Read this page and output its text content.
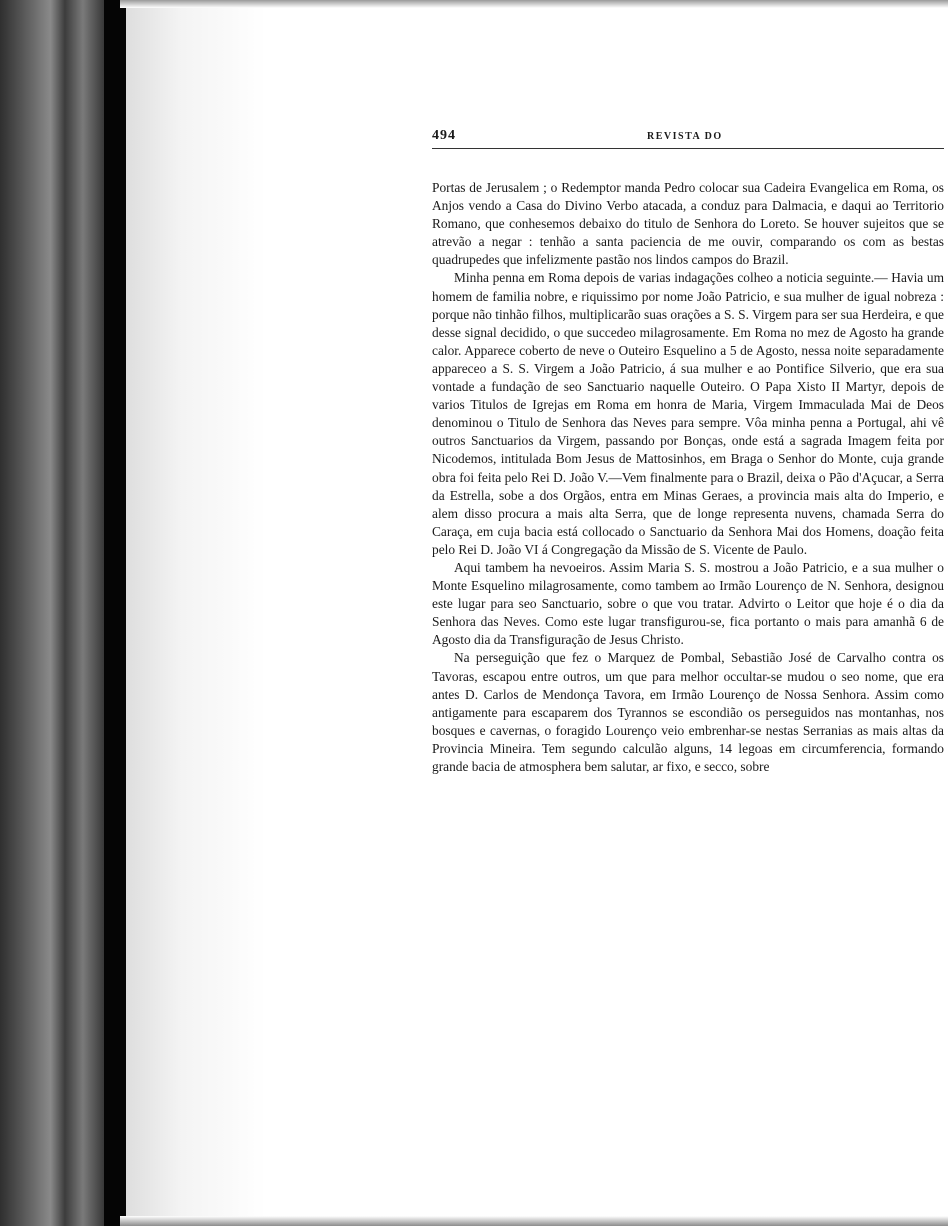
494	REVISTA DO

Portas de Jerusalem ; o Redemptor manda Pedro colocar sua Cadeira Evangelica em Roma, os Anjos vendo a Casa do Divino Verbo atacada, a conduz para Dalmacia, e daqui ao Territorio Romano, que conhesemos debaixo do titulo de Senhora do Loreto. Se houver sujeitos que se atrevão a negar : tenhão a santa paciencia de me ouvir, comparando os com as bestas quadrupedes que infelizmente pastão nos lindos campos do Brazil.

Minha penna em Roma depois de varias indagações colheo a noticia seguinte.— Havia um homem de familia nobre, e riquissimo por nome João Patricio, e sua mulher de igual nobreza : porque não tinhão filhos, multiplicarão suas orações a S. S. Virgem para ser sua Herdeira, e que desse signal decidido, o que succedeo milagrosamente. Em Roma no mez de Agosto ha grande calor. Apparece coberto de neve o Outeiro Esquelino a 5 de Agosto, nessa noite separadamente appareceo a S. S. Virgem a João Patricio, á sua mulher e ao Pontifice Silverio, que era sua vontade a fundação de seo Sanctuario naquelle Outeiro. O Papa Xisto II Martyr, depois de varios Titulos de Igrejas em Roma em honra de Maria, Virgem Immaculada Mai de Deos denominou o Titulo de Senhora das Neves para sempre. Vôa minha penna a Portugal, ahi vê outros Sanctuarios da Virgem, passando por Bonças, onde está a sagrada Imagem feita por Nicodemos, intitulada Bom Jesus de Mattosinhos, em Braga o Senhor do Monte, cuja grande obra foi feita pelo Rei D. João V.—Vem finalmente para o Brazil, deixa o Pão d'Açucar, a Serra da Estrella, sobe a dos Orgãos, entra em Minas Geraes, a provincia mais alta do Imperio, e alem disso procura a mais alta Serra, que de longe representa nuvens, chamada Serra do Caraça, em cuja bacia está collocado o Sanctuario da Senhora Mai dos Homens, doação feita pelo Rei D. João VI á Congregação da Missão de S. Vicente de Paulo.

Aqui tambem ha nevoeiros. Assim Maria S. S. mostrou a João Patricio, e a sua mulher o Monte Esquelino milagrosamente, como tambem ao Irmão Lourenço de N. Senhora, designou este lugar para seo Sanctuario, sobre o que vou tratar. Advirto o Leitor que hoje é o dia da Senhora das Neves. Como este lugar transfigurou-se, fica portanto o mais para amanhã 6 de Agosto dia da Transfiguração de Jesus Christo.

Na perseguição que fez o Marquez de Pombal, Sebastião José de Carvalho contra os Tavoras, escapou entre outros, um que para melhor occultar-se mudou o seo nome, que era antes D. Carlos de Mendonça Tavora, em Irmão Lourenço de Nossa Senhora. Assim como antigamente para escaparem dos Tyrannos se escondião os perseguidos nas montanhas, nos bosques e cavernas, o foragido Lourenço veio embrenhar-se nestas Serranias as mais altas da Provincia Mineira. Tem segundo calculão alguns, 14 legoas em circumferencia, formando grande bacia de atmosphera bem salutar, ar fixo, e secco, sobre
